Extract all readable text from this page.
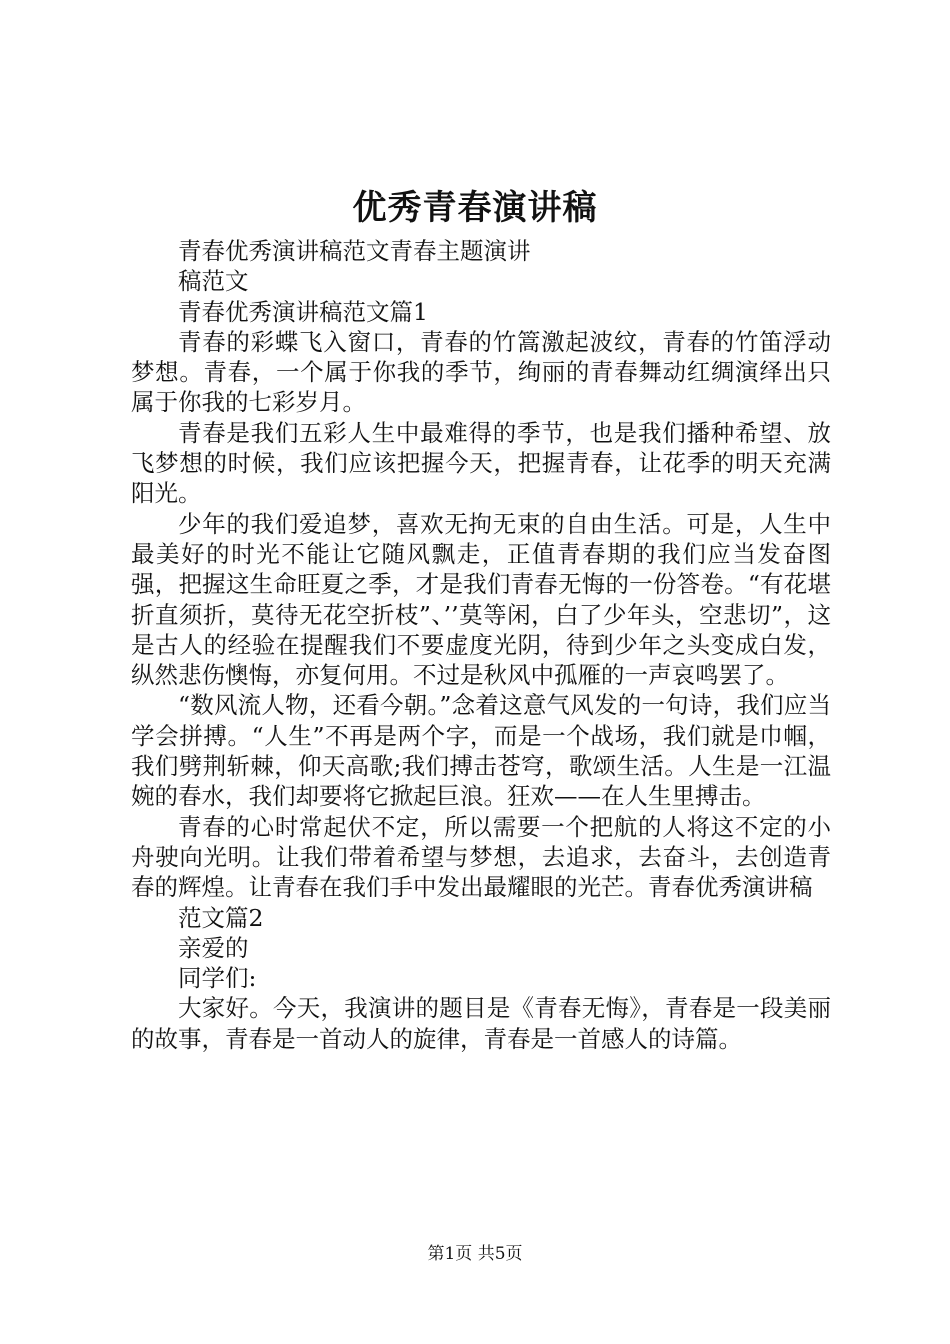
优秀青春演讲稿

青春优秀演讲稿范文青春主题演讲

稿范文

青春优秀演讲稿范文篇1

青春的彩蝶飞入窗口，青春的竹篙激起波纹，青春的竹笛浮动梦想。青春，一个属于你我的季节，绚丽的青春舞动红绸演绎出只属于你我的七彩岁月。

青春是我们五彩人生中最难得的季节，也是我们播种希望、放飞梦想的时候，我们应该把握今天，把握青春，让花季的明天充满阳光。

少年的我们爱追梦，喜欢无拘无束的自由生活。可是，人生中最美好的时光不能让它随风飘走，正值青春期的我们应当发奋图强，把握这生命旺夏之季，才是我们青春无悔的一份答卷。“有花堪折直须折，莫待无花空折枝”、’’莫等闲，白了少年头，空悲切”，这是古人的经验在提醒我们不要虚度光阴，待到少年之头变成白发，纵然悲伤懊悔，亦复何用。不过是秋风中孤雁的一声哀鸣罢了。

“数风流人物，还看今朝。”念着这意气风发的一句诗，我们应当学会拼搏。“人生”不再是两个字，而是一个战场，我们就是巾帼，我们劈荆斩棘，仰天高歌;我们搏击苍穹，歌颂生活。人生是一江温婉的春水，我们却要将它掀起巨浪。狂欢——在人生里搏击。

青春的心时常起伏不定，所以需要一个把航的人将这不定的小舟驶向光明。让我们带着希望与梦想，去追求，去奋斗，去创造青春的辉煌。让青春在我们手中发出最耀眼的光芒。青春优秀演讲稿

范文篇2

亲爱的

同学们:

大家好。今天，我演讲的题目是《青春无悔》，青春是一段美丽的故事，青春是一首动人的旋律，青春是一首感人的诗篇。

第1页 共5页
